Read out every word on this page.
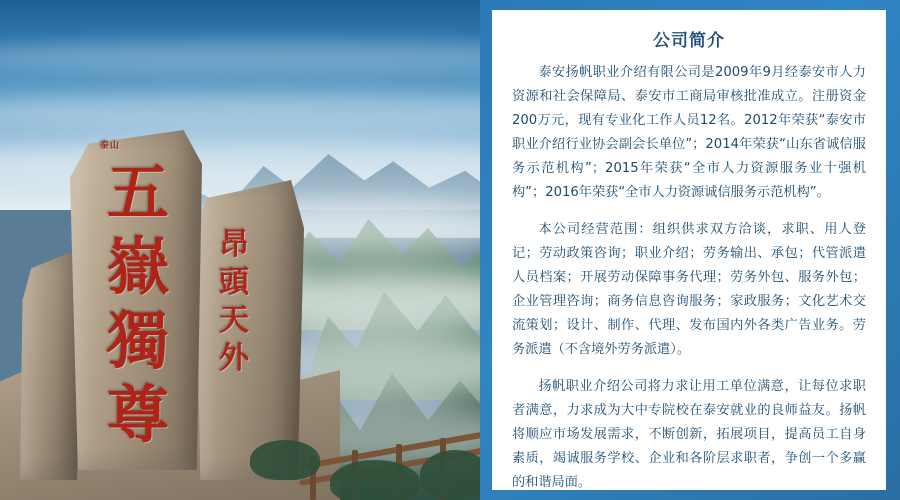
泰山
五
嶽
獨
尊
昂
頭
天
外
公司简介

泰安扬帆职业介绍有限公司是2009年9月经泰安市人力资源和社会保障局、泰安市工商局审核批准成立。注册资金200万元，现有专业化工作人员12名。2012年荣获“泰安市职业介绍行业协会副会长单位”；2014年荣获“山东省诚信服务示范机构”；2015年荣获“全市人力资源服务业十强机构”；2016年荣获“全市人力资源诚信服务示范机构”。

本公司经营范围：组织供求双方洽谈，求职、用人登记；劳动政策咨询；职业介绍；劳务输出、承包；代管派遣人员档案；开展劳动保障事务代理；劳务外包、服务外包；企业管理咨询；商务信息咨询服务；家政服务；文化艺术交流策划；设计、制作、代理、发布国内外各类广告业务。劳务派遣（不含境外劳务派遣）。

扬帆职业介绍公司将力求让用工单位满意，让每位求职者满意，力求成为大中专院校在泰安就业的良师益友。扬帆将顺应市场发展需求，不断创新，拓展项目，提高员工自身素质，竭诚服务学校、企业和各阶层求职者，争创一个多赢的和谐局面。
